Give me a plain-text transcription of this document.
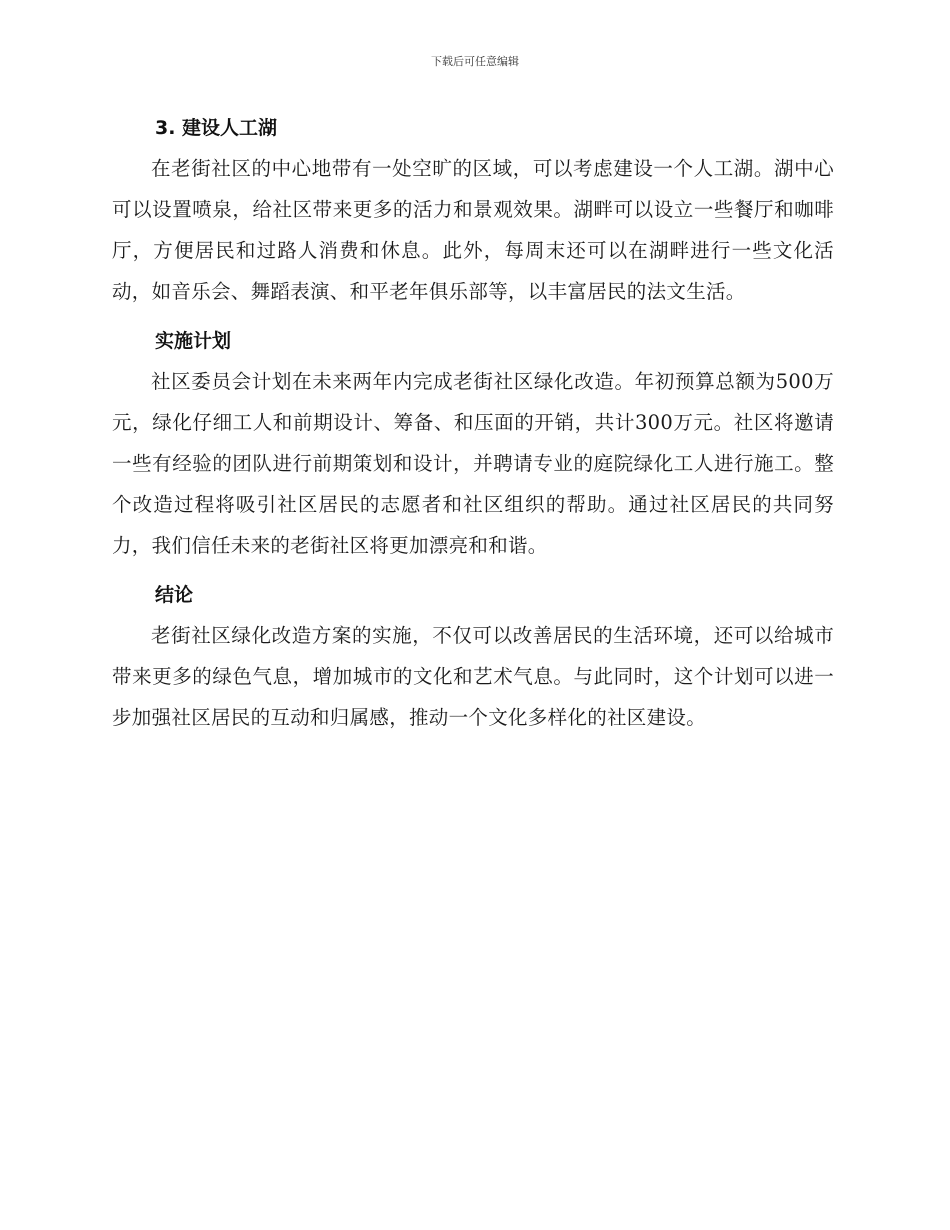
下载后可任意编辑
3. 建设人工湖

在老街社区的中心地带有一处空旷的区域，可以考虑建设一个人工湖。湖中心可以设置喷泉，给社区带来更多的活力和景观效果。湖畔可以设立一些餐厅和咖啡厅，方便居民和过路人消费和休息。此外，每周末还可以在湖畔进行一些文化活动，如音乐会、舞蹈表演、和平老年俱乐部等，以丰富居民的法文生活。

实施计划

社区委员会计划在未来两年内完成老街社区绿化改造。年初预算总额为500万元，绿化仔细工人和前期设计、筹备、和压面的开销，共计300万元。社区将邀请一些有经验的团队进行前期策划和设计，并聘请专业的庭院绿化工人进行施工。整个改造过程将吸引社区居民的志愿者和社区组织的帮助。通过社区居民的共同努力，我们信任未来的老街社区将更加漂亮和和谐。

结论

老街社区绿化改造方案的实施，不仅可以改善居民的生活环境，还可以给城市带来更多的绿色气息，增加城市的文化和艺术气息。与此同时，这个计划可以进一步加强社区居民的互动和归属感，推动一个文化多样化的社区建设。
